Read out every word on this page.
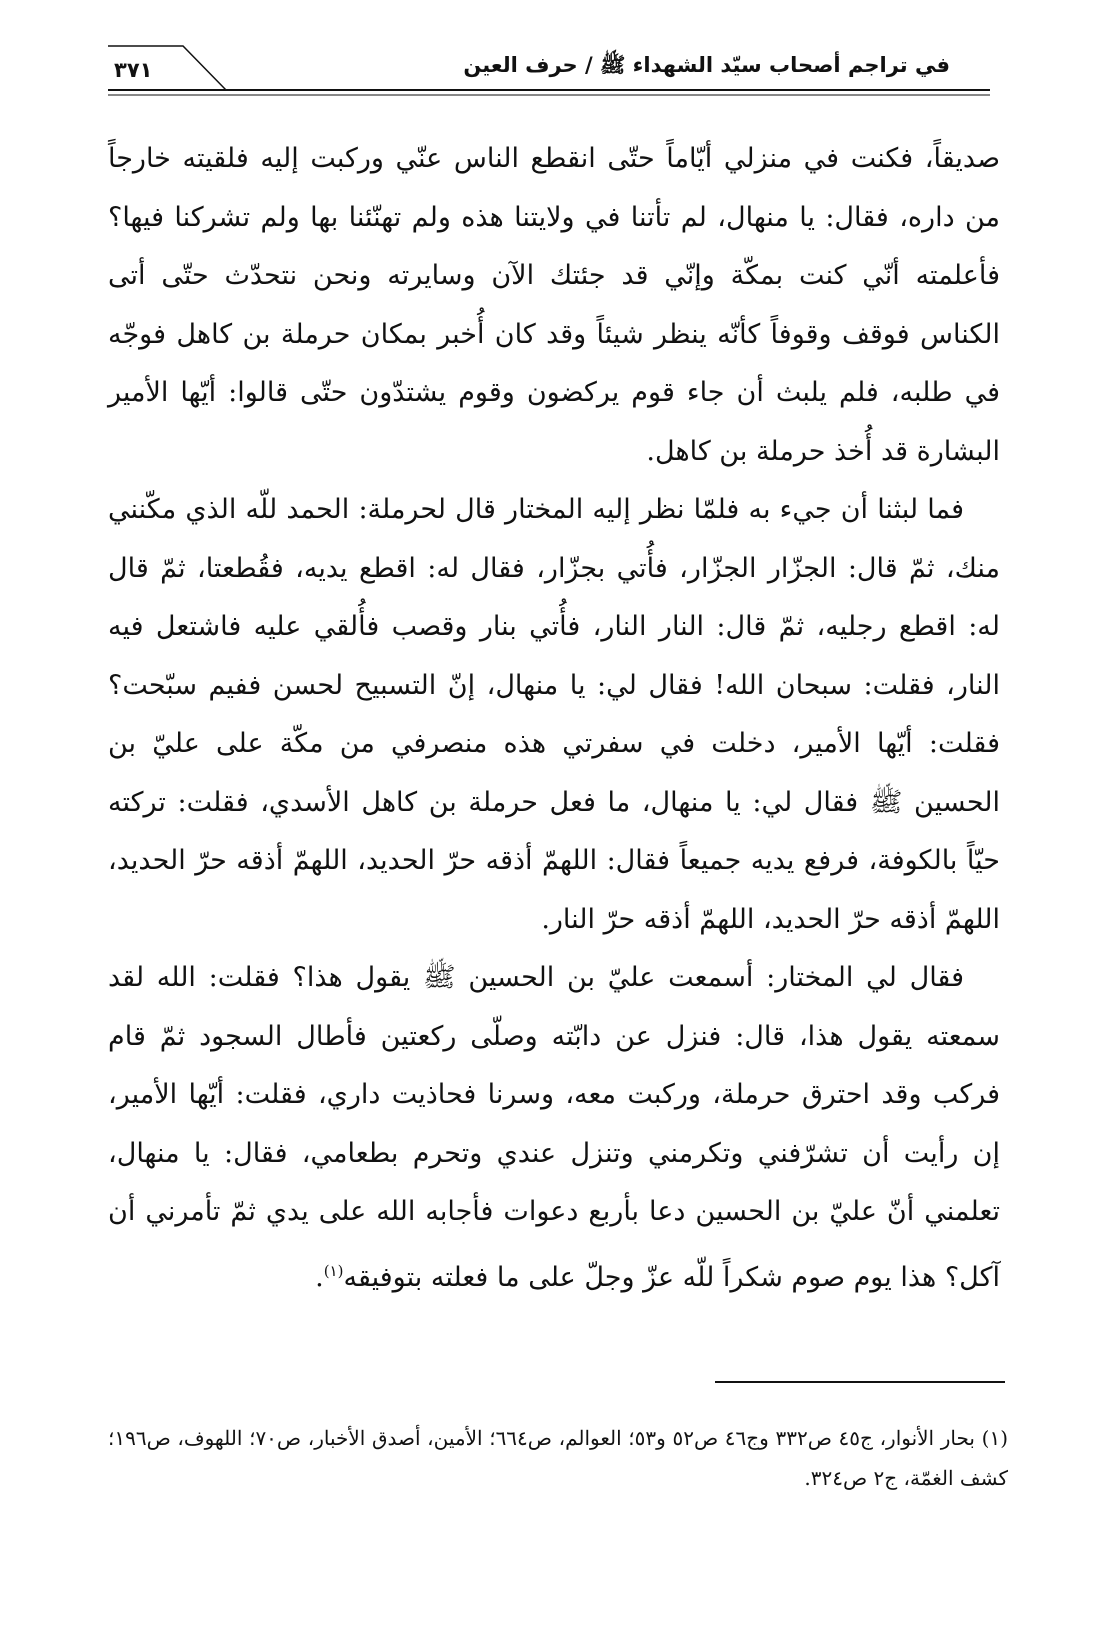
في تراجم أصحاب سيّد الشهداء ﷺ / حرف العين
٣٧١

صديقاً، فكنت في منزلي أيّاماً حتّى انقطع الناس عنّي وركبت إليه فلقيته خارجاً من داره، فقال: يا منهال، لم تأتنا في ولايتنا هذه ولم تهنّئنا بها ولم تشركنا فيها؟ فأعلمته أنّي كنت بمكّة وإنّي قد جئتك الآن وسايرته ونحن نتحدّث حتّى أتى الكناس فوقف وقوفاً كأنّه ينظر شيئاً وقد كان أُخبر بمكان حرملة بن كاهل فوجّه في طلبه، فلم يلبث أن جاء قوم يركضون وقوم يشتدّون حتّى قالوا: أيّها الأمير البشارة قد أُخذ حرملة بن كاهل.

فما لبثنا أن جيء به فلمّا نظر إليه المختار قال لحرملة: الحمد للّه الذي مكّنني منك، ثمّ قال: الجزّار الجزّار، فأُتي بجزّار، فقال له: اقطع يديه، فقُطعتا، ثمّ قال له: اقطع رجليه، ثمّ قال: النار النار، فأُتي بنار وقصب فأُلقي عليه فاشتعل فيه النار، فقلت: سبحان الله! فقال لي: يا منهال، إنّ التسبيح لحسن ففيم سبّحت؟ فقلت: أيّها الأمير، دخلت في سفرتي هذه منصرفي من مكّة على عليّ بن الحسين ﷺ فقال لي: يا منهال، ما فعل حرملة بن كاهل الأسدي، فقلت: تركته حيّاً بالكوفة، فرفع يديه جميعاً فقال: اللهمّ أذقه حرّ الحديد، اللهمّ أذقه حرّ الحديد، اللهمّ أذقه حرّ الحديد، اللهمّ أذقه حرّ النار.

فقال لي المختار: أسمعت عليّ بن الحسين ﷺ يقول هذا؟ فقلت: الله لقد سمعته يقول هذا، قال: فنزل عن دابّته وصلّى ركعتين فأطال السجود ثمّ قام فركب وقد احترق حرملة، وركبت معه، وسرنا فحاذيت داري، فقلت: أيّها الأمير، إن رأيت أن تشرّفني وتكرمني وتنزل عندي وتحرم بطعامي، فقال: يا منهال، تعلمني أنّ عليّ بن الحسين دعا بأربع دعوات فأجابه الله على يدي ثمّ تأمرني أن آكل؟ هذا يوم صوم شكراً للّه عزّ وجلّ على ما فعلته بتوفيقه$^{(١)}$.

(١) بحار الأنوار، ج٤٥ ص٣٣٢ وج٤٦ ص٥٢ و٥٣؛ العوالم، ص٦٦٤؛ الأمين، أصدق الأخبار، ص٧٠؛ اللهوف، ص١٩٦؛ كشف الغمّة، ج٢ ص٣٢٤.
